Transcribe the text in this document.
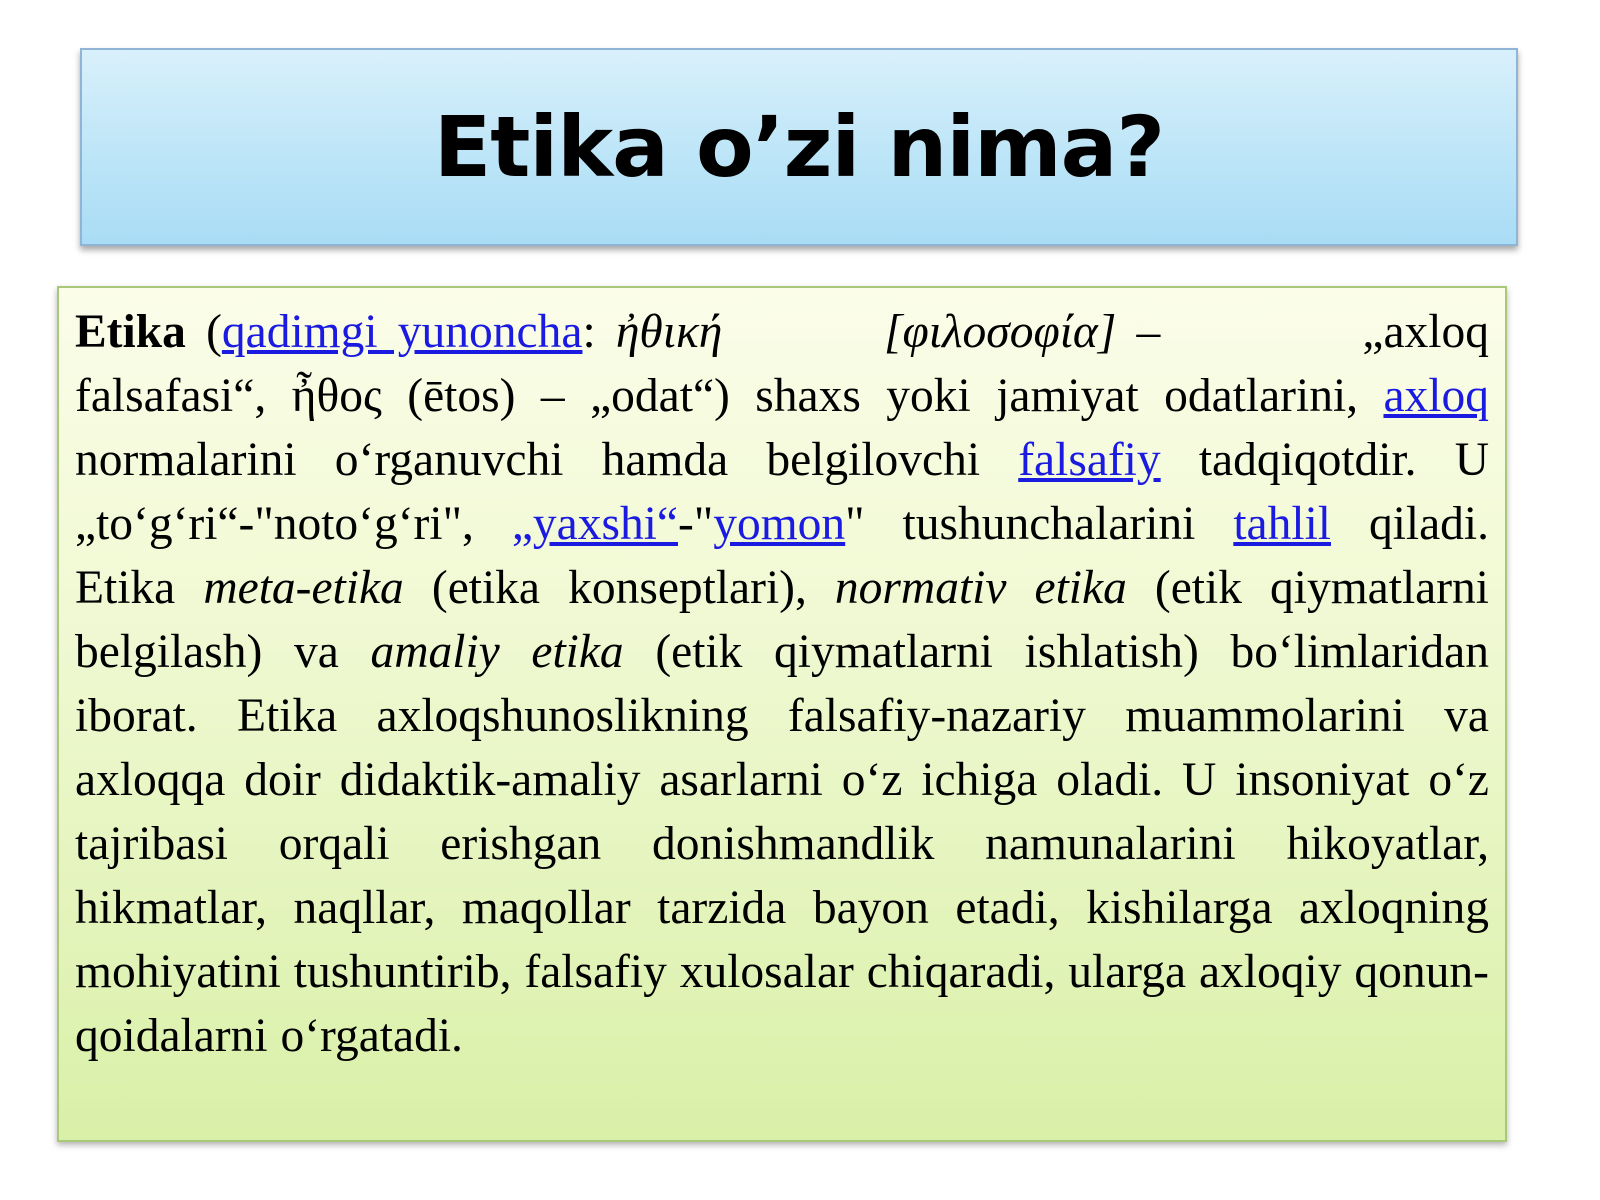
Etika o’zi nima?

Etika (qadimgi yunoncha: ἠθική	[φιλοσοφία] –          „axloq falsafasi“, ἦθος (ētos) – „odat“) shaxs yoki jamiyat odatlarini, axloq normalarini o‘rganuvchi hamda belgilovchi falsafiy tadqiqotdir. U „to‘g‘ri“-"noto‘g‘ri", „yaxshi“-"yomon" tushunchalarini tahlil qiladi. Etika meta-etika (etika konseptlari), normativ etika (etik qiymatlarni belgilash) va amaliy etika (etik qiymatlarni ishlatish) bo‘limlaridan iborat. Etika axloqshunoslikning falsafiy-nazariy muammolarini va axloqqa doir didaktik-amaliy asarlarni o‘z ichiga oladi. U insoniyat o‘z tajribasi orqali erishgan donishmandlik namunalarini hikoyatlar, hikmatlar, naqllar, maqollar tarzida bayon etadi, kishilarga axloqning mohiyatini tushuntirib, falsafiy xulosalar chiqaradi, ularga axloqiy qonun-qoidalarni o‘rgatadi.
